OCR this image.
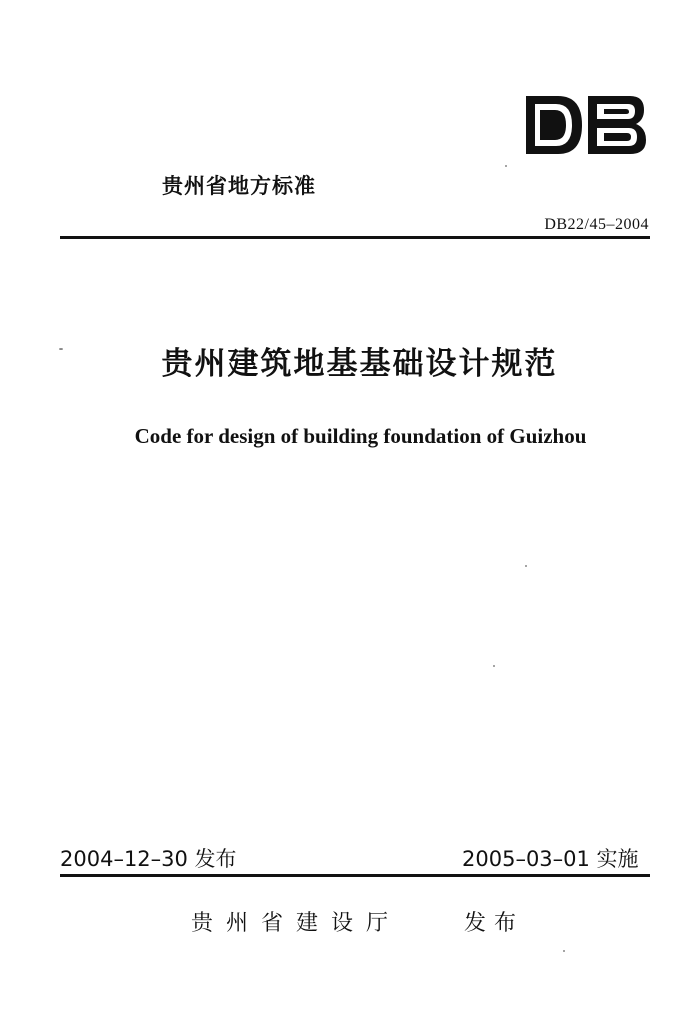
贵州省地方标准
DB22/45–2004
贵州建筑地基基础设计规范
Code for design of building foundation of Guizhou
2004–12–30 发布	2005–03–01 实施
贵州省建设厅	发布
